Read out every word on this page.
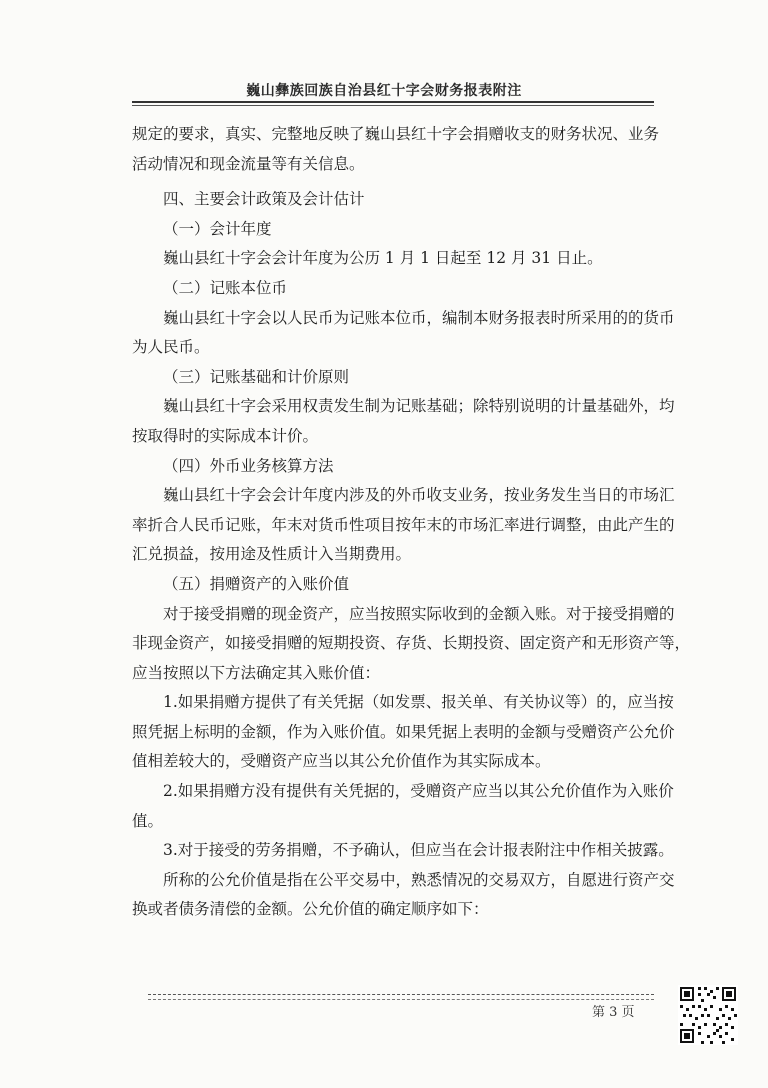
巍山彝族回族自治县红十字会财务报表附注
规定的要求，真实、完整地反映了巍山县红十字会捐赠收支的财务状况、业务
活动情况和现金流量等有关信息。
四、主要会计政策及会计估计
（一）会计年度
巍山县红十字会会计年度为公历 1 月 1 日起至 12 月 31 日止。
（二）记账本位币
巍山县红十字会以人民币为记账本位币，编制本财务报表时所采用的的货币
为人民币。
（三）记账基础和计价原则
巍山县红十字会采用权责发生制为记账基础；除特别说明的计量基础外，均
按取得时的实际成本计价。
（四）外币业务核算方法
巍山县红十字会会计年度内涉及的外币收支业务，按业务发生当日的市场汇
率折合人民币记账，年末对货币性项目按年末的市场汇率进行调整，由此产生的
汇兑损益，按用途及性质计入当期费用。
（五）捐赠资产的入账价值
对于接受捐赠的现金资产，应当按照实际收到的金额入账。对于接受捐赠的
非现金资产，如接受捐赠的短期投资、存货、长期投资、固定资产和无形资产等，
应当按照以下方法确定其入账价值：
1.如果捐赠方提供了有关凭据（如发票、报关单、有关协议等）的，应当按
照凭据上标明的金额，作为入账价值。如果凭据上表明的金额与受赠资产公允价
值相差较大的，受赠资产应当以其公允价值作为其实际成本。
2.如果捐赠方没有提供有关凭据的，受赠资产应当以其公允价值作为入账价
值。
3.对于接受的劳务捐赠，不予确认，但应当在会计报表附注中作相关披露。
所称的公允价值是指在公平交易中，熟悉情况的交易双方，自愿进行资产交
换或者债务清偿的金额。公允价值的确定顺序如下：
第 3 页
